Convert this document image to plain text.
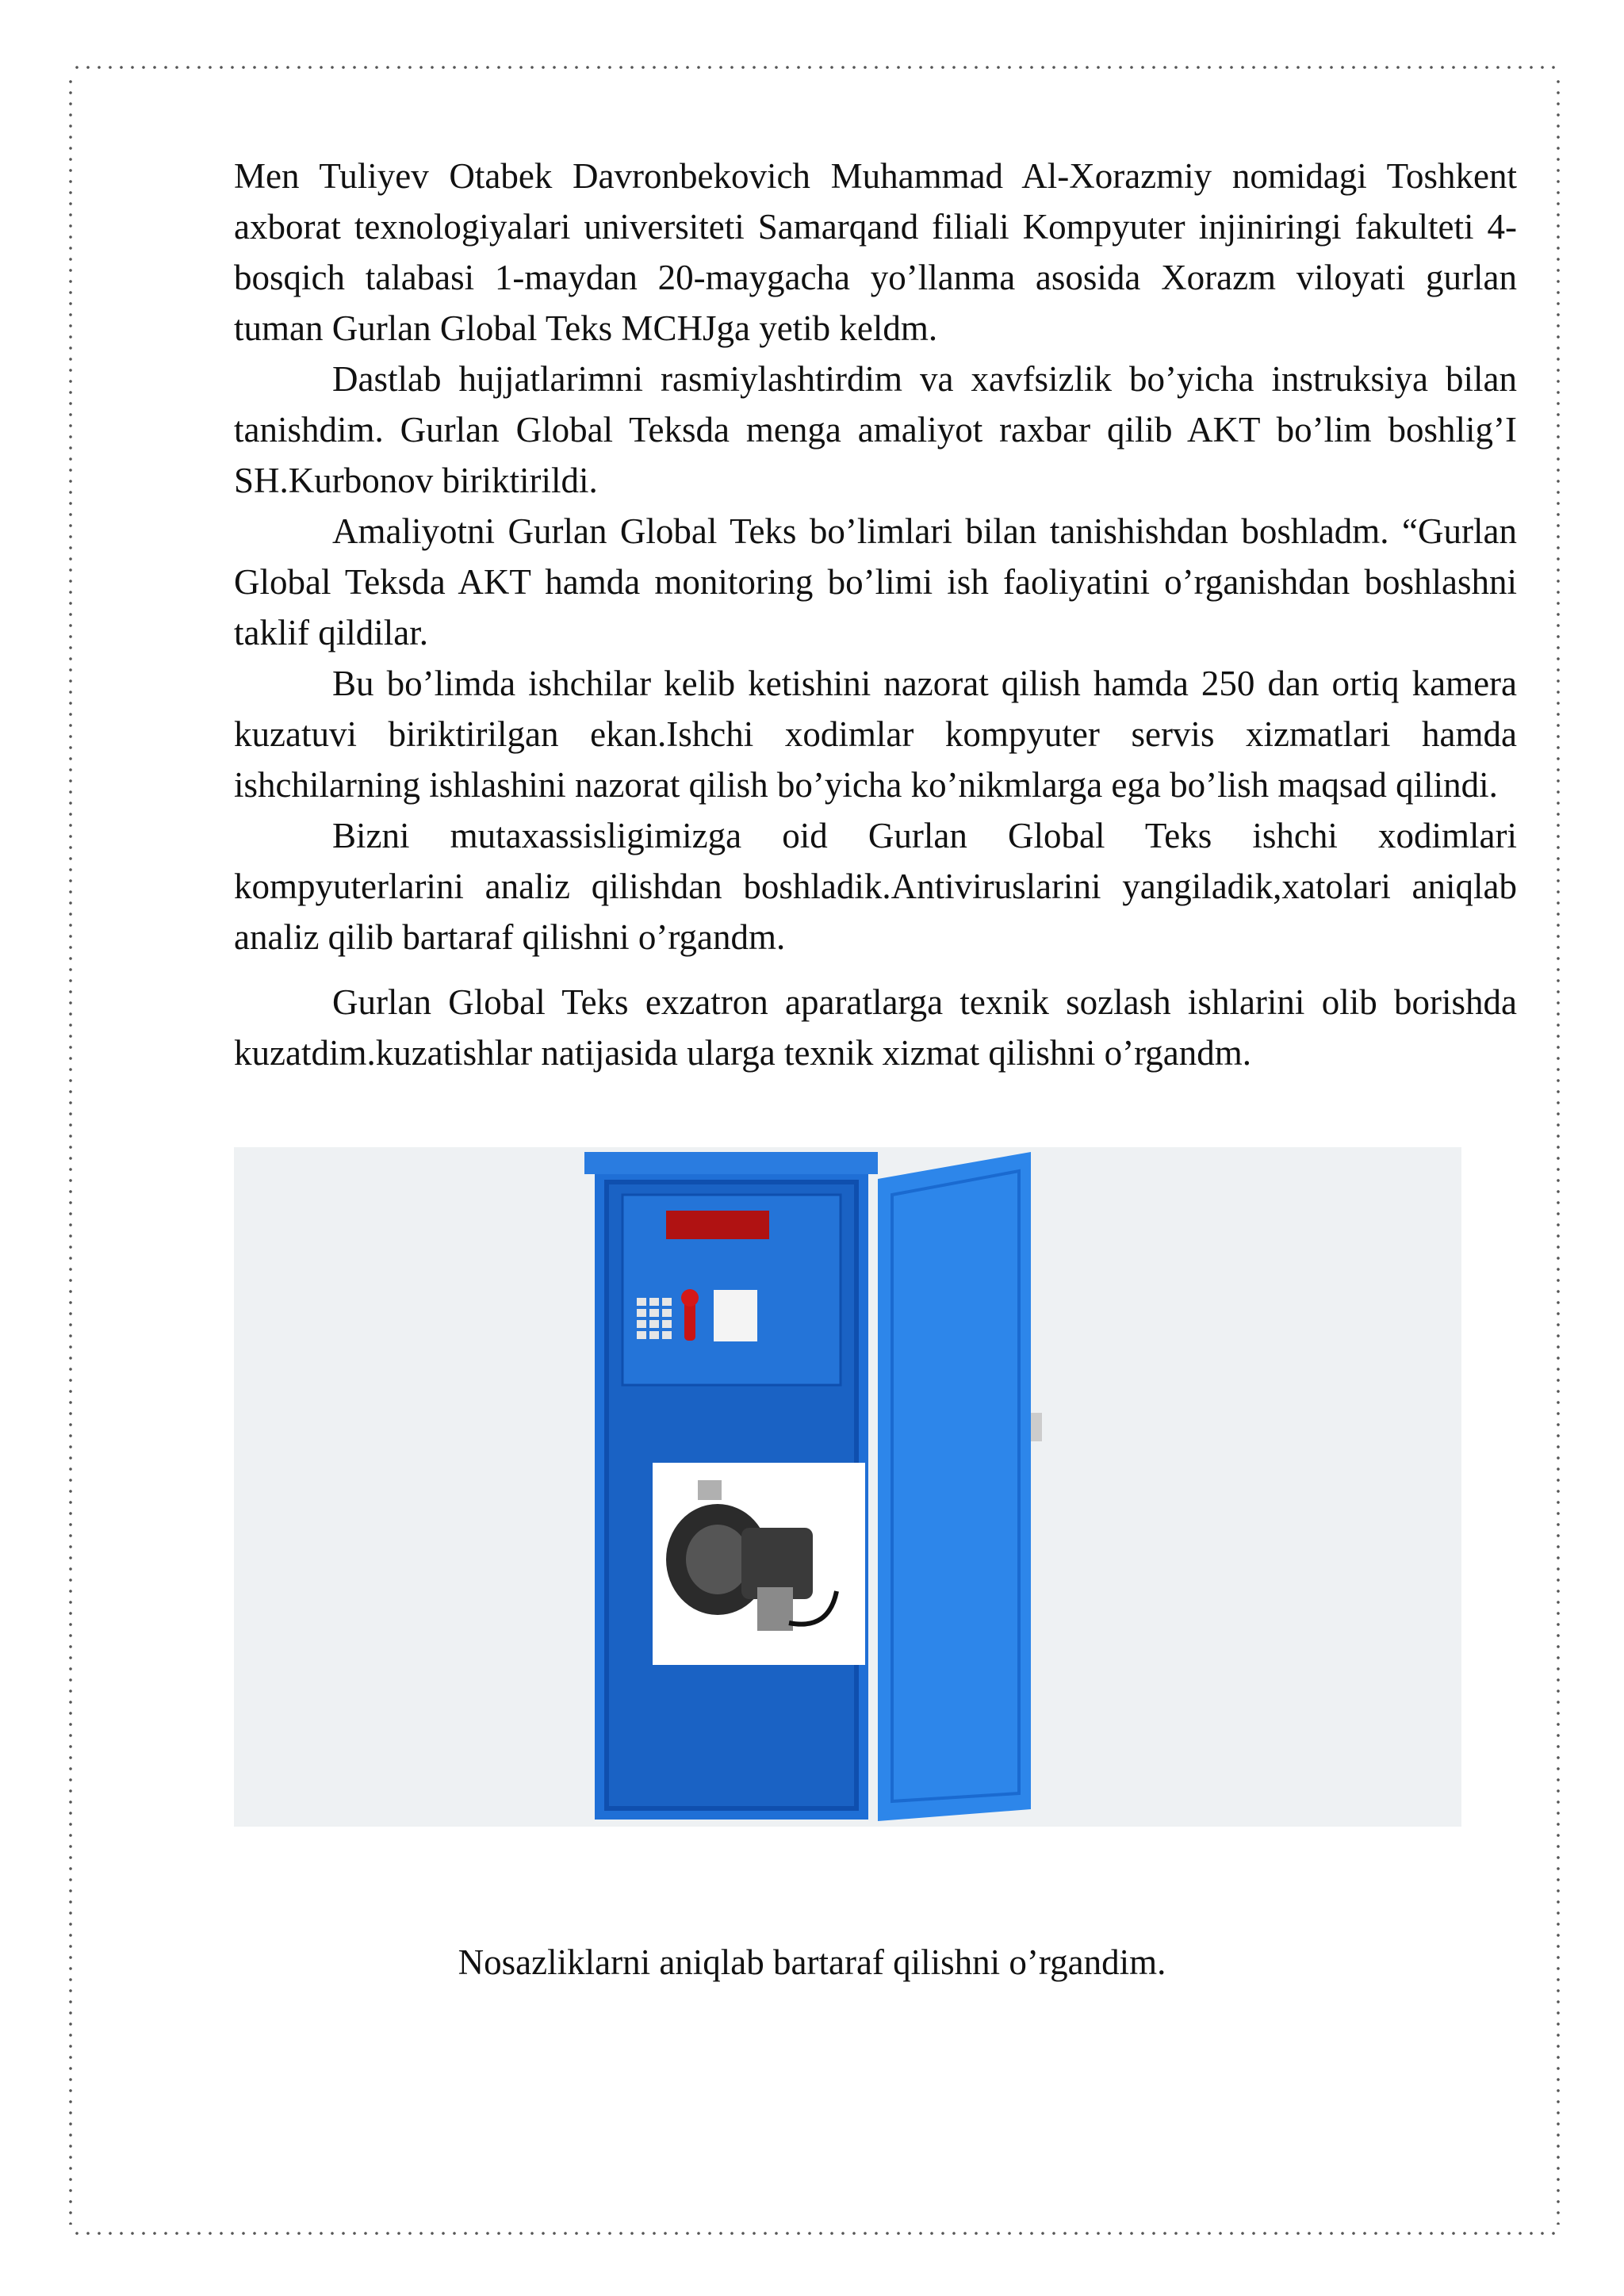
Men Tuliyev Otabek Davronbekovich Muhammad Al-Xorazmiy nomidagi Toshkent axborat texnologiyalari universiteti Samarqand filiali Kompyuter injiniringi fakulteti 4-bosqich talabasi 1-maydan 20-maygacha yo’llanma asosida Xorazm viloyati gurlan tuman Gurlan Global Teks MCHJga yetib keldm.

Dastlab hujjatlarimni rasmiylashtirdim va xavfsizlik bo’yicha instruksiya bilan tanishdim. Gurlan Global Teksda menga amaliyot raxbar qilib AKT bo’lim boshlig’I SH.Kurbonov biriktirildi.

Amaliyotni Gurlan Global Teks bo’limlari bilan tanishishdan boshladm. “Gurlan Global Teksda AKT hamda monitoring bo’limi ish faoliyatini o’rganishdan boshlashni taklif qildilar.

Bu bo’limda ishchilar kelib ketishini nazorat qilish hamda 250 dan ortiq kamera kuzatuvi biriktirilgan ekan.Ishchi xodimlar kompyuter servis xizmatlari hamda ishchilarning ishlashini nazorat qilish bo’yicha ko’nikmlarga ega bo’lish maqsad qilindi.

Bizni mutaxassisligimizga oid Gurlan Global Teks ishchi xodimlari kompyuterlarini analiz qilishdan boshladik.Antiviruslarini yangiladik,xatolari aniqlab analiz qilib bartaraf qilishni o’rgandm.

Gurlan Global Teks exzatron aparatlarga texnik sozlash ishlarini olib borishda kuzatdim.kuzatishlar natijasida ularga texnik xizmat qilishni o’rgandm.

Nosazliklarni aniqlab bartaraf qilishni o’rgandim.
